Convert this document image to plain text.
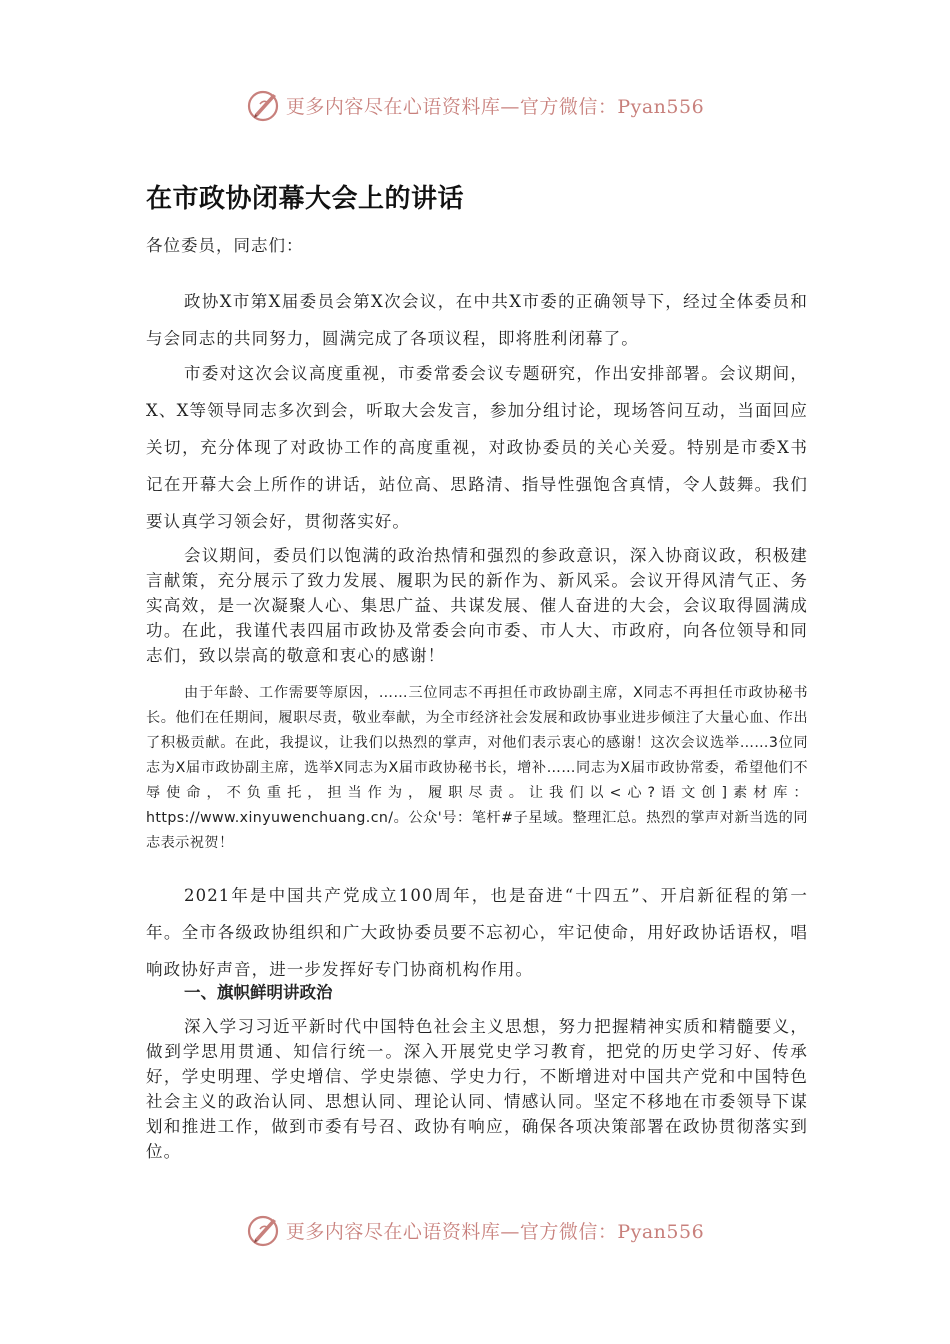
更多内容尽在心语资料库—官方微信：Pyan556
在市政协闭幕大会上的讲话
各位委员，同志们：

政协X市第X届委员会第X次会议，在中共X市委的正确领导下，经过全体委员和与会同志的共同努力，圆满完成了各项议程，即将胜利闭幕了。

市委对这次会议高度重视，市委常委会议专题研究，作出安排部署。会议期间，X、X等领导同志多次到会，听取大会发言，参加分组讨论，现场答问互动，当面回应关切，充分体现了对政协工作的高度重视，对政协委员的关心关爱。特别是市委X书记在开幕大会上所作的讲话，站位高、思路清、指导性强饱含真情，令人鼓舞。我们要认真学习领会好，贯彻落实好。

会议期间，委员们以饱满的政治热情和强烈的参政意识，深入协商议政，积极建言献策，充分展示了致力发展、履职为民的新作为、新风采。会议开得风清气正、务实高效，是一次凝聚人心、集思广益、共谋发展、催人奋进的大会，会议取得圆满成功。在此，我谨代表四届市政协及常委会向市委、市人大、市政府，向各位领导和同志们，致以崇高的敬意和衷心的感谢！

由于年龄、工作需要等原因，……三位同志不再担任市政协副主席，X同志不再担任市政协秘书长。他们在任期间，履职尽责，敬业奉献，为全市经济社会发展和政协事业进步倾注了大量心血、作出了积极贡献。在此，我提议，让我们以热烈的掌声，对他们表示衷心的感谢！这次会议选举……3位同志为X届市政协副主席，选举X同志为X届市政协秘书长，增补……同志为X届市政协常委，希望他们不辱使命，不负重托，担当作为，履职尽责。让我们以<心?语文创]素材库：https://www.xinyuwenchuang.cn/。公众'号：笔杆#子星域。整理汇总。热烈的掌声对新当选的同志表示祝贺！

2021年是中国共产党成立100周年，也是奋进“十四五”、开启新征程的第一年。全市各级政协组织和广大政协委员要不忘初心，牢记使命，用好政协话语权，唱响政协好声音，进一步发挥好专门协商机构作用。

一、旗帜鲜明讲政治

深入学习习近平新时代中国特色社会主义思想，努力把握精神实质和精髓要义，做到学思用贯通、知信行统一。深入开展党史学习教育，把党的历史学习好、传承好，学史明理、学史增信、学史崇德、学史力行，不断增进对中国共产党和中国特色社会主义的政治认同、思想认同、理论认同、情感认同。坚定不移地在市委领导下谋划和推进工作，做到市委有号召、政协有响应，确保各项决策部署在政协贯彻落实到位。

更多内容尽在心语资料库—官方微信：Pyan556
